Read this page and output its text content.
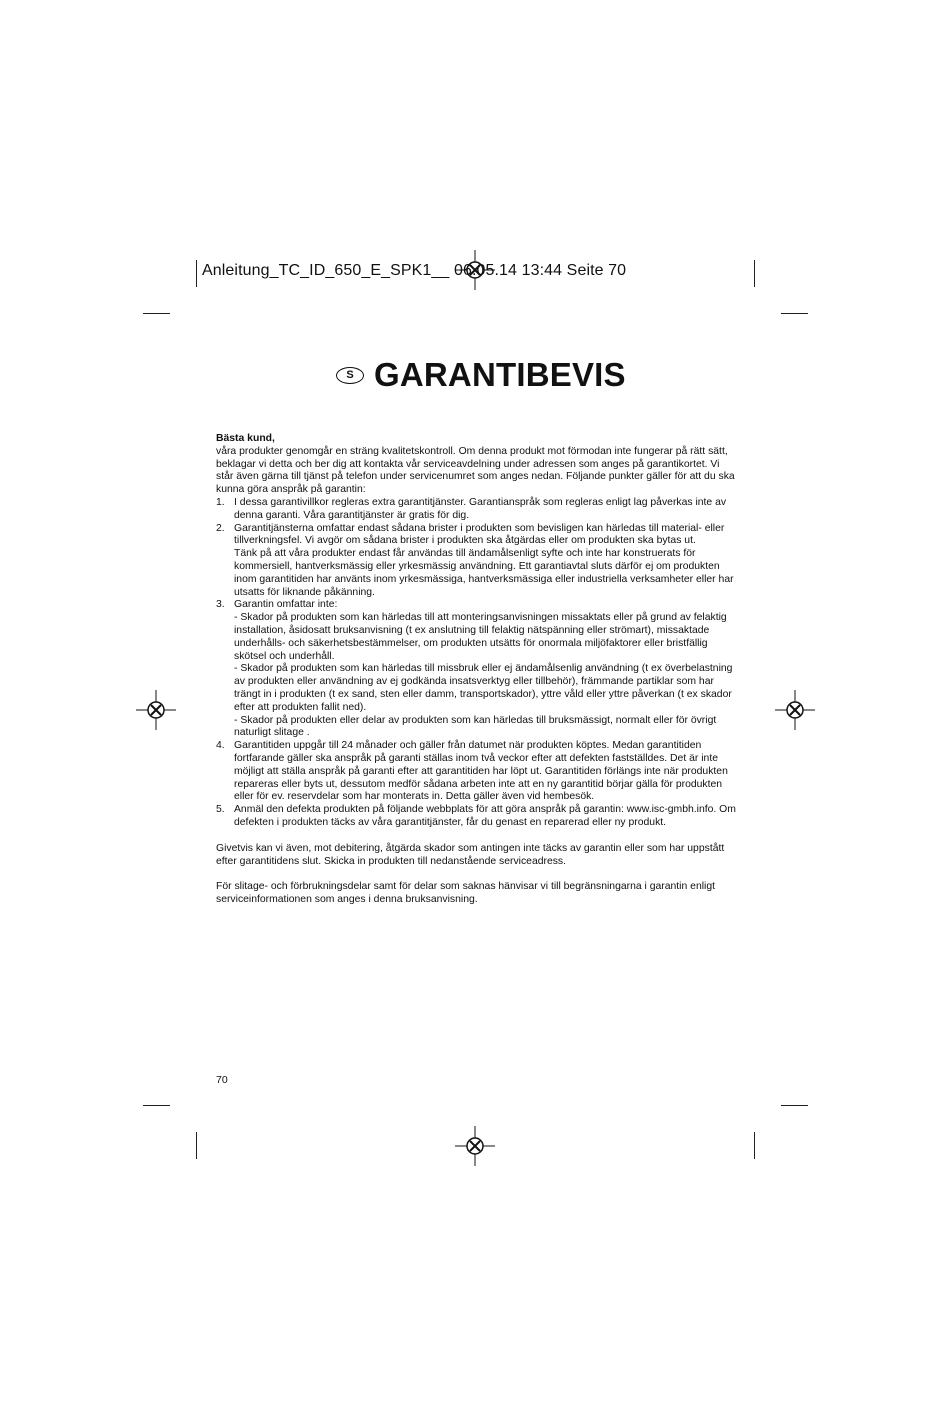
Anleitung_TC_ID_650_E_SPK1__ 06.0​5.14 13:44 Seite 70
S GARANTIBEVIS

Bästa kund,

våra produkter genomgår en sträng kvalitetskontroll. Om denna produkt mot förmodan inte fungerar på rätt sätt, beklagar vi detta och ber dig att kontakta vår serviceavdelning under adressen som anges på garantikortet. Vi står även gärna till tjänst på telefon under servicenumret som anges nedan. Följande punkter gäller för att du ska kunna göra anspråk på garantin:

1. I dessa garantivillkor regleras extra garantitjänster. Garantianspråk som regleras enligt lag påverkas inte av denna garanti. Våra garantitjänster är gratis för dig.
2. Garantitjänsterna omfattar endast sådana brister i produkten som bevisligen kan härledas till material- eller tillverkningsfel. Vi avgör om sådana brister i produkten ska åtgärdas eller om produkten ska bytas ut.
Tänk på att våra produkter endast får användas till ändamålsenligt syfte och inte har konstruerats för kommersiell, hantverksmässig eller yrkesmässig användning. Ett garantiavtal sluts därför ej om produkten inom garantitiden har använts inom yrkesmässiga, hantverksmässiga eller industriella verksamheter eller har utsatts för liknande påkänning.
3. Garantin omfattar inte:
- Skador på produkten som kan härledas till att monteringsanvisningen missaktats eller på grund av felaktig installation, åsidosatt bruksanvisning (t ex anslutning till felaktig nätspänning eller strömart), missaktade underhålls- och säkerhetsbestämmelser, om produkten utsätts för onormala miljöfaktorer eller bristfällig skötsel och underhåll.
- Skador på produkten som kan härledas till missbruk eller ej ändamålsenlig användning (t ex överbelastning av produkten eller användning av ej godkända insatsverktyg eller tillbehör), främmande partiklar som har trängt in i produkten (t ex sand, sten eller damm, transportskador), yttre våld eller yttre påverkan (t ex skador efter att produkten fallit ned).
- Skador på produkten eller delar av produkten som kan härledas till bruksmässigt, normalt eller för övrigt naturligt slitage .
4. Garantitiden uppgår till 24 månader och gäller från datumet när produkten köptes. Medan garantitiden fortfarande gäller ska anspråk på garanti ställas inom två veckor efter att defekten fastställdes. Det är inte möjligt att ställa anspråk på garanti efter att garantitiden har löpt ut. Garantitiden förlängs inte när produkten repareras eller byts ut, dessutom medför sådana arbeten inte att en ny garantitid börjar gälla för produkten eller för ev. reservdelar som har monterats in. Detta gäller även vid hembesök.
5. Anmäl den defekta produkten på följande webbplats för att göra anspråk på garantin: www.isc-gmbh.info. Om defekten i produkten täcks av våra garantitjänster, får du genast en reparerad eller ny produkt.

Givetvis kan vi även, mot debitering, åtgärda skador som antingen inte täcks av garantin eller som har uppstått efter garantitidens slut. Skicka in produkten till nedanstående serviceadress.

För slitage- och förbrukningsdelar samt för delar som saknas hänvisar vi till begränsningarna i garantin enligt serviceinformationen som anges i denna bruksanvisning.

70
